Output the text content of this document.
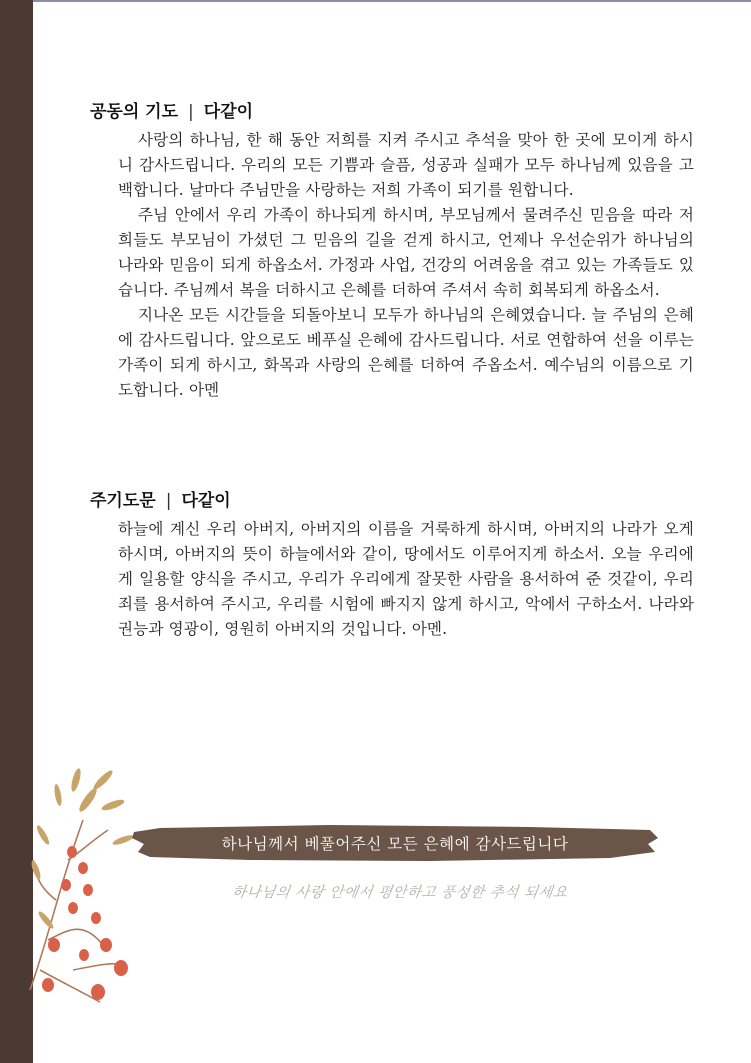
공동의 기도 | 다같이

사랑의 하나님, 한 해 동안 저희를 지켜 주시고 추석을 맞아 한 곳에 모이게 하시니 감사드립니다. 우리의 모든 기쁨과 슬픔, 성공과 실패가 모두 하나님께 있음을 고백합니다. 날마다 주님만을 사랑하는 저희 가족이 되기를 원합니다.

주님 안에서 우리 가족이 하나되게 하시며, 부모님께서 물려주신 믿음을 따라 저희들도 부모님이 가셨던 그 믿음의 길을 걷게 하시고, 언제나 우선순위가 하나님의 나라와 믿음이 되게 하옵소서. 가정과 사업, 건강의 어려움을 겪고 있는 가족들도 있습니다. 주님께서 복을 더하시고 은혜를 더하여 주셔서 속히 회복되게 하옵소서.

지나온 모든 시간들을 되돌아보니 모두가 하나님의 은혜였습니다. 늘 주님의 은혜에 감사드립니다. 앞으로도 베푸실 은혜에 감사드립니다. 서로 연합하여 선을 이루는 가족이 되게 하시고, 화목과 사랑의 은혜를 더하여 주옵소서. 예수님의 이름으로 기도합니다. 아멘

주기도문 | 다같이

하늘에 계신 우리 아버지, 아버지의 이름을 거룩하게 하시며, 아버지의 나라가 오게 하시며, 아버지의 뜻이 하늘에서와 같이, 땅에서도 이루어지게 하소서. 오늘 우리에게 일용할 양식을 주시고, 우리가 우리에게 잘못한 사람을 용서하여 준 것같이, 우리 죄를 용서하여 주시고, 우리를 시험에 빠지지 않게 하시고, 악에서 구하소서. 나라와 권능과 영광이, 영원히 아버지의 것입니다. 아멘.

하나님께서 베풀어주신 모든 은혜에 감사드립니다
하나님의 사랑 안에서 평안하고 풍성한 추석 되세요
